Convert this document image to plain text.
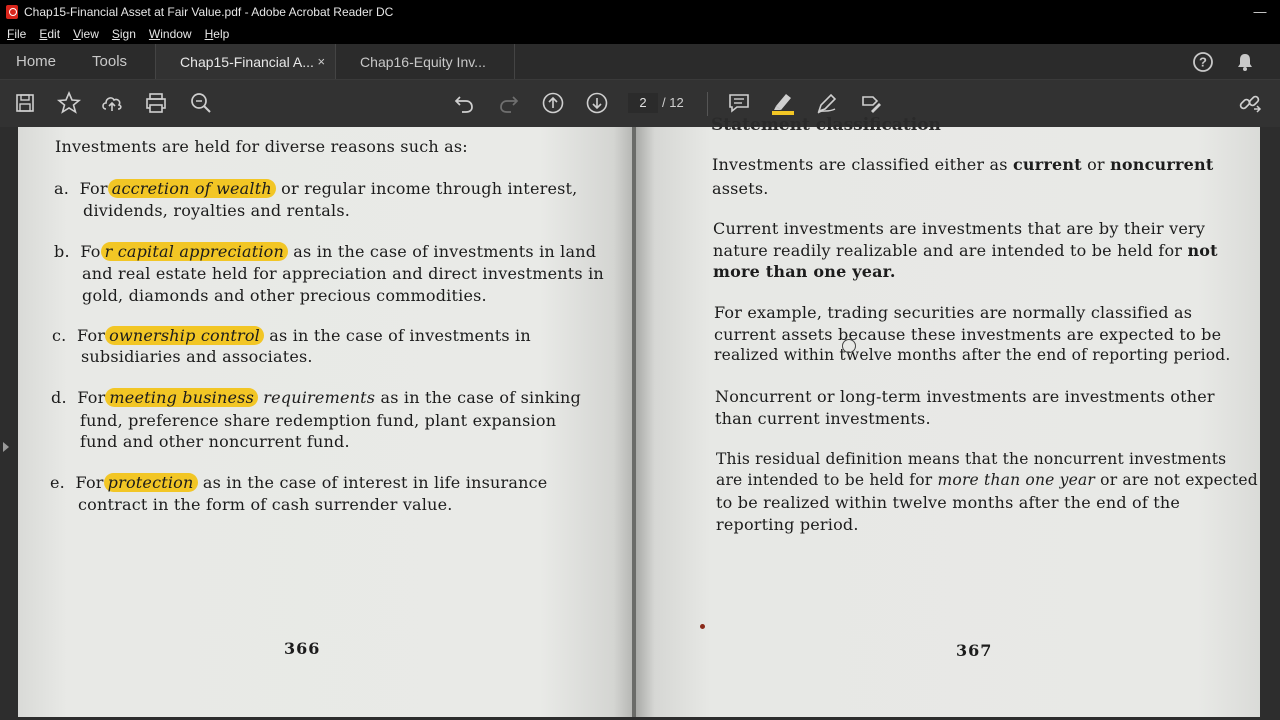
Chap15-Financial Asset at Fair Value.pdf - Adobe Acrobat Reader DC	—
File Edit View Sign Window Help
Home	Tools	Chap15-Financial A... ×	Chap16-Equity Inv...	?
2	/ 12
Investments are held for diverse reasons such as:
a. For accretion of wealth or regular income through interest,
dividends, royalties and rentals.
b. Fo r capital appreciation as in the case of investments in land
and real estate held for appreciation and direct investments in
gold, diamonds and other precious commodities.
c. For ownership control as in the case of investments in
subsidiaries and associates.
d. For meeting business requirements as in the case of sinking
fund, preference share redemption fund, plant expansion
fund and other noncurrent fund.
e. For protection as in the case of interest in life insurance
contract in the form of cash surrender value.
366
Statement classification
Investments are classified either as current or noncurrent
assets.
Current investments are investments that are by their very
nature readily realizable and are intended to be held for not
more than one year.
For example, trading securities are normally classified as
current assets because these investments are expected to be
realized within twelve months after the end of reporting period.
Noncurrent or long-term investments are investments other
than current investments.
This residual definition means that the noncurrent investments
are intended to be held for more than one year or are not expected
to be realized within twelve months after the end of the
reporting period.
367
